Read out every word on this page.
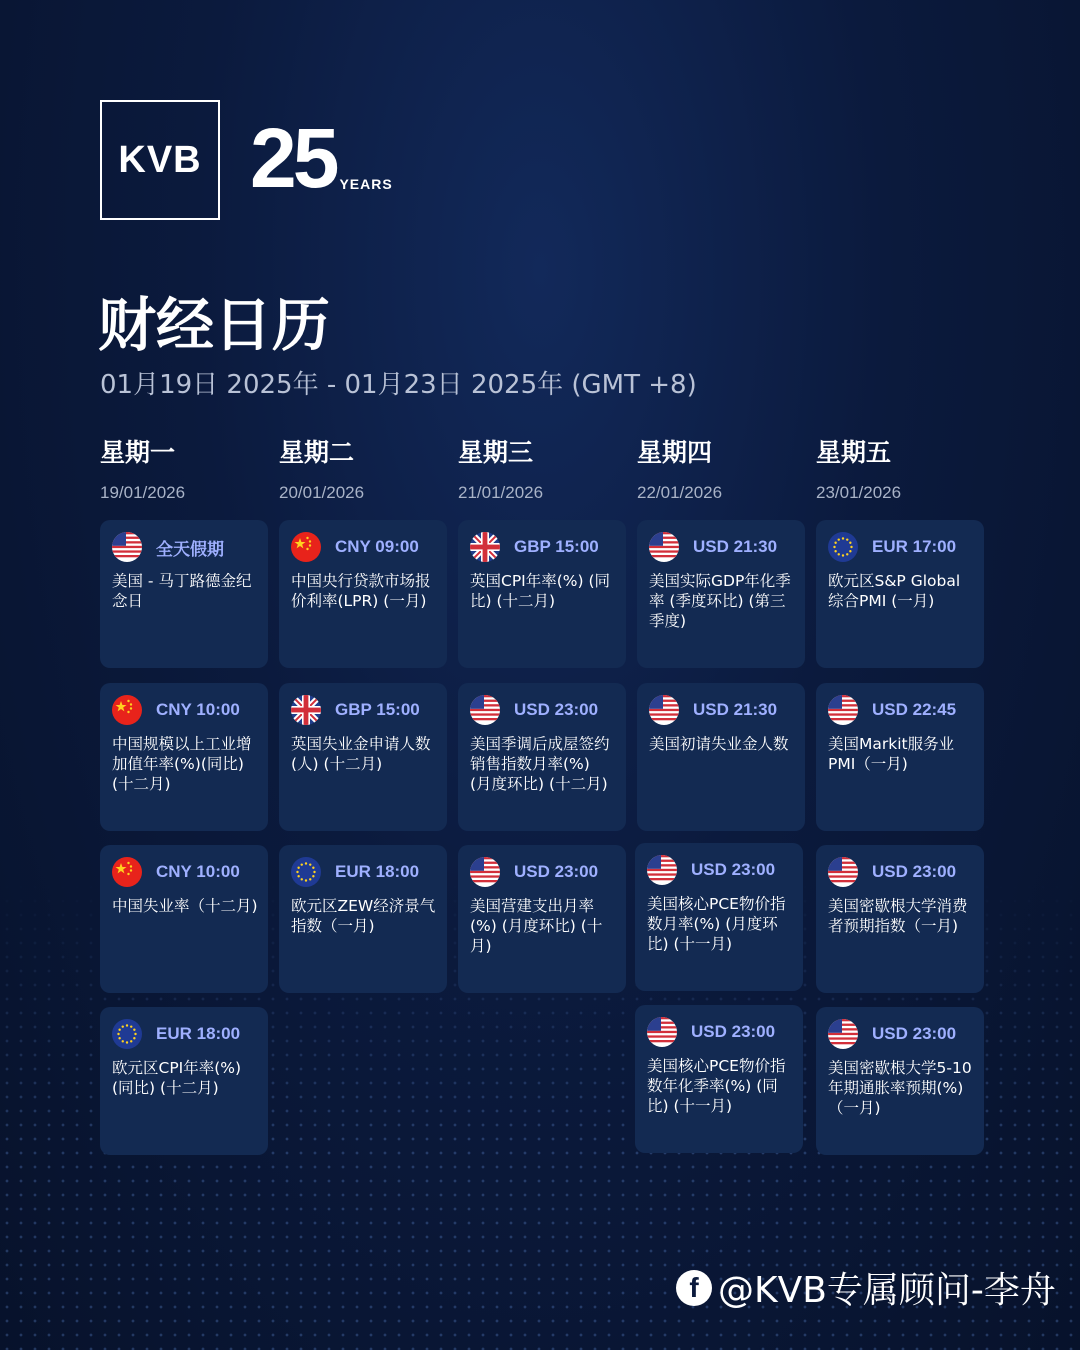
KVB 25 YEARS
财经日历
01月19日 2025年 - 01月23日 2025年 (GMT +8)
星期一
19/01/2026
星期二
20/01/2026
星期三
21/01/2026
星期四
22/01/2026
星期五
23/01/2026
全天假期
美国 - 马丁路德金纪念日
CNY 10:00
中国规模以上工业增加值年率(%)(同比) (十二月)
CNY 10:00
中国失业率（十二月)
EUR 18:00
欧元区CPI年率(%) (同比) (十二月)
CNY 09:00
中国央行贷款市场报价利率(LPR) (一月)
GBP 15:00
英国失业金申请人数(人) (十二月)
EUR 18:00
欧元区ZEW经济景气指数（一月)
GBP 15:00
英国CPI年率(%) (同比) (十二月)
USD 23:00
美国季调后成屋签约销售指数月率(%) (月度环比) (十二月)
USD 23:00
美国营建支出月率(%) (月度环比) (十月)
USD 21:30
美国实际GDP年化季率 (季度环比) (第三季度)
USD 21:30
美国初请失业金人数
USD 23:00
美国核心PCE物价指数月率(%) (月度环比) (十一月)
USD 23:00
美国核心PCE物价指数年化季率(%) (同比) (十一月)
EUR 17:00
欧元区S&P Global综合PMI (一月)
USD 22:45
美国Markit服务业PMI（一月)
USD 23:00
美国密歇根大学消费者预期指数（一月)
USD 23:00
美国密歇根大学5-10年期通胀率预期(%)（一月)
f @KVB专属顾问-李舟
